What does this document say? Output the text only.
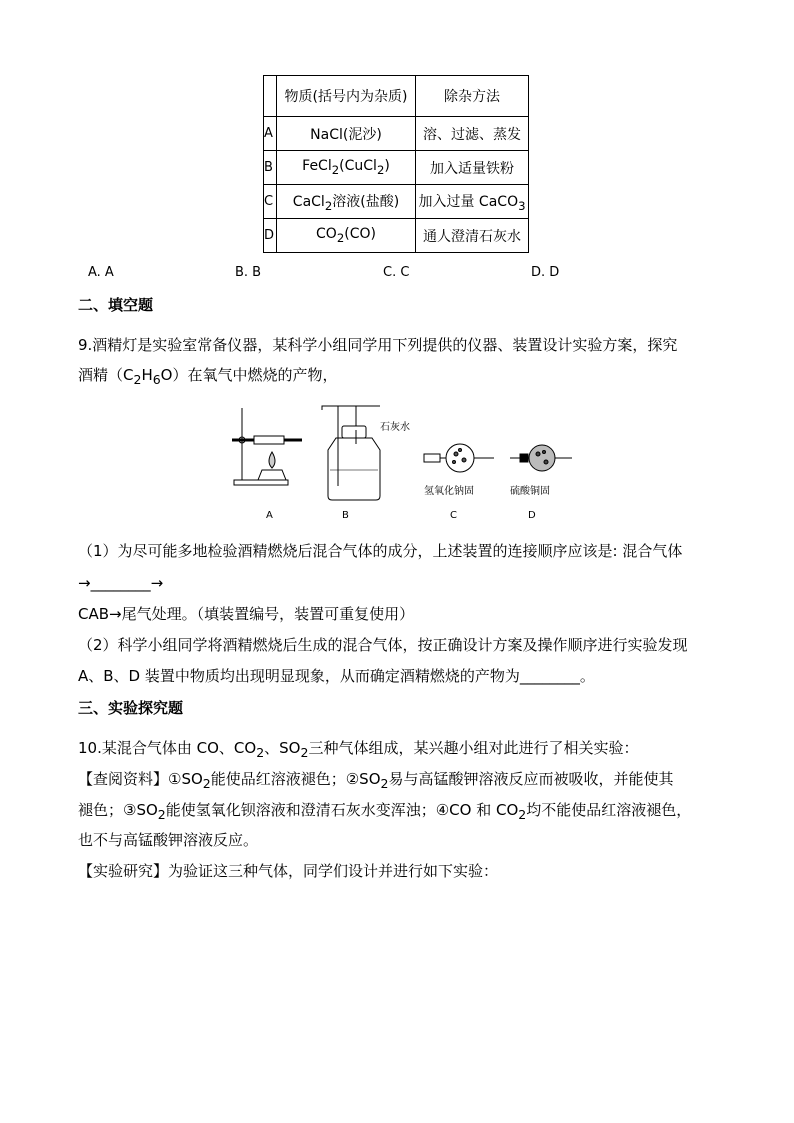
	物质(括号内为杂质)	除杂方法
A	NaCl(泥沙)	溶、过滤、蒸发
B	FeCl$_2$(CuCl$_2$)	加入适量铁粉
C	CaCl$_2$溶液(盐酸)	加入过量 CaCO$_3$
D	$CO_2(CO)$	通人澄清石灰水
A. A	B. B	C. C	D. D
二、填空题
9.酒精灯是实验室常备仪器，某科学小组同学用下列提供的仪器、装置设计实验方案，探究
酒精$(C_2H_6O)$在氧气中燃烧的产物，
石灰水
氢氧化钠固	硫酸铜固
A	B	C	D
（1）为尽可能多地检验酒精燃烧后混合气体的成分，上述装置的连接顺序应该是: 混合气体
→________→
CAB→尾气处理。（填装置编号，装置可重复使用）
（2）科学小组同学将酒精燃烧后生成的混合气体，按正确设计方案及操作顺序进行实验发现
A、B、D 装置中物质均出现明显现象，从而确定酒精燃烧的产物为________。
三、实验探究题
10.某混合气体由 CO、$CO_2$、$SO_2$三种气体组成，某兴趣小组对此进行了相关实验：
【查阅资料】$①SO_2$能使品红溶液褪色；$②SO_2$易与高锰酸钾溶液反应而被吸收，并能使其
褪色；$③SO_2$能使氢氧化钡溶液和澄清石灰水变浑浊；④CO 和 $CO_2$均不能使品红溶液褪色，
也不与高锰酸钾溶液反应。
【实验研究】为验证这三种气体，同学们设计并进行如下实验：
